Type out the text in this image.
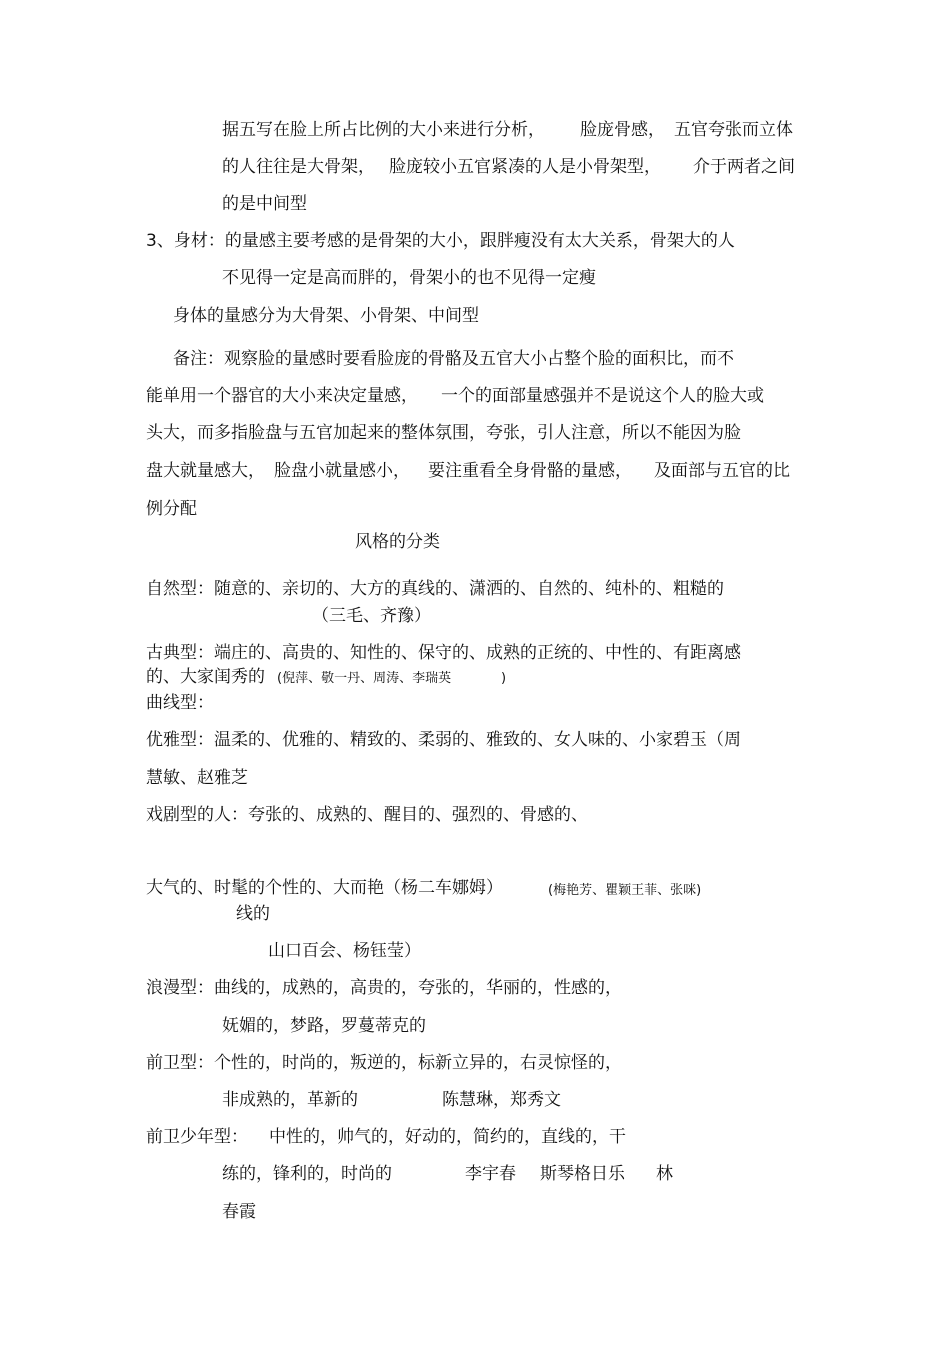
据五写在脸上所占比例的大小来进行分析， 脸庞骨感， 五官夸张而立体
的人往往是大骨架， 脸庞较小五官紧凑的人是小骨架型， 介于两者之间
的是中间型
3、身材：的量感主要考感的是骨架的大小，跟胖瘦没有太大关系，骨架大的人
不见得一定是高而胖的，骨架小的也不见得一定瘦
身体的量感分为大骨架、小骨架、中间型
备注：观察脸的量感时要看脸庞的骨骼及五官大小占整个脸的面积比，而不
能单用一个器官的大小来决定量感， 一个的面部量感强并不是说这个人的脸大或
头大，而多指脸盘与五官加起来的整体氛围，夸张，引人注意，所以不能因为脸
盘大就量感大， 脸盘小就量感小， 要注重看全身骨骼的量感， 及面部与五官的比
例分配
风格的分类
自然型：随意的、亲切的、大方的真线的、潇洒的、自然的、纯朴的、粗糙的
（三毛、齐豫）
古典型：端庄的、高贵的、知性的、保守的、成熟的正统的、中性的、有距离感
的、大家闺秀的 (倪萍、敬一丹、周涛、李瑞英	)
曲线型：
优雅型：温柔的、优雅的、精致的、柔弱的、雅致的、女人味的、小家碧玉（周
慧敏、赵雅芝
戏剧型的人：夸张的、成熟的、醒目的、强烈的、骨感的、
大气的、时髦的个性的、大而艳（杨二车娜姆）	(梅艳芳、瞿颖王菲、张咪)
线的
山口百会、杨钰莹）
浪漫型：曲线的，成熟的，高贵的，夸张的，华丽的，性感的，
妩媚的，梦路，罗蔓蒂克的
前卫型：个性的，时尚的，叛逆的，标新立异的，右灵惊怪的，
非成熟的，革新的	陈慧琳，郑秀文
前卫少年型： 中性的，帅气的，好动的，简约的，直线的，干
练的，锋利的，时尚的	李宇春 斯琴格日乐 林
春霞
